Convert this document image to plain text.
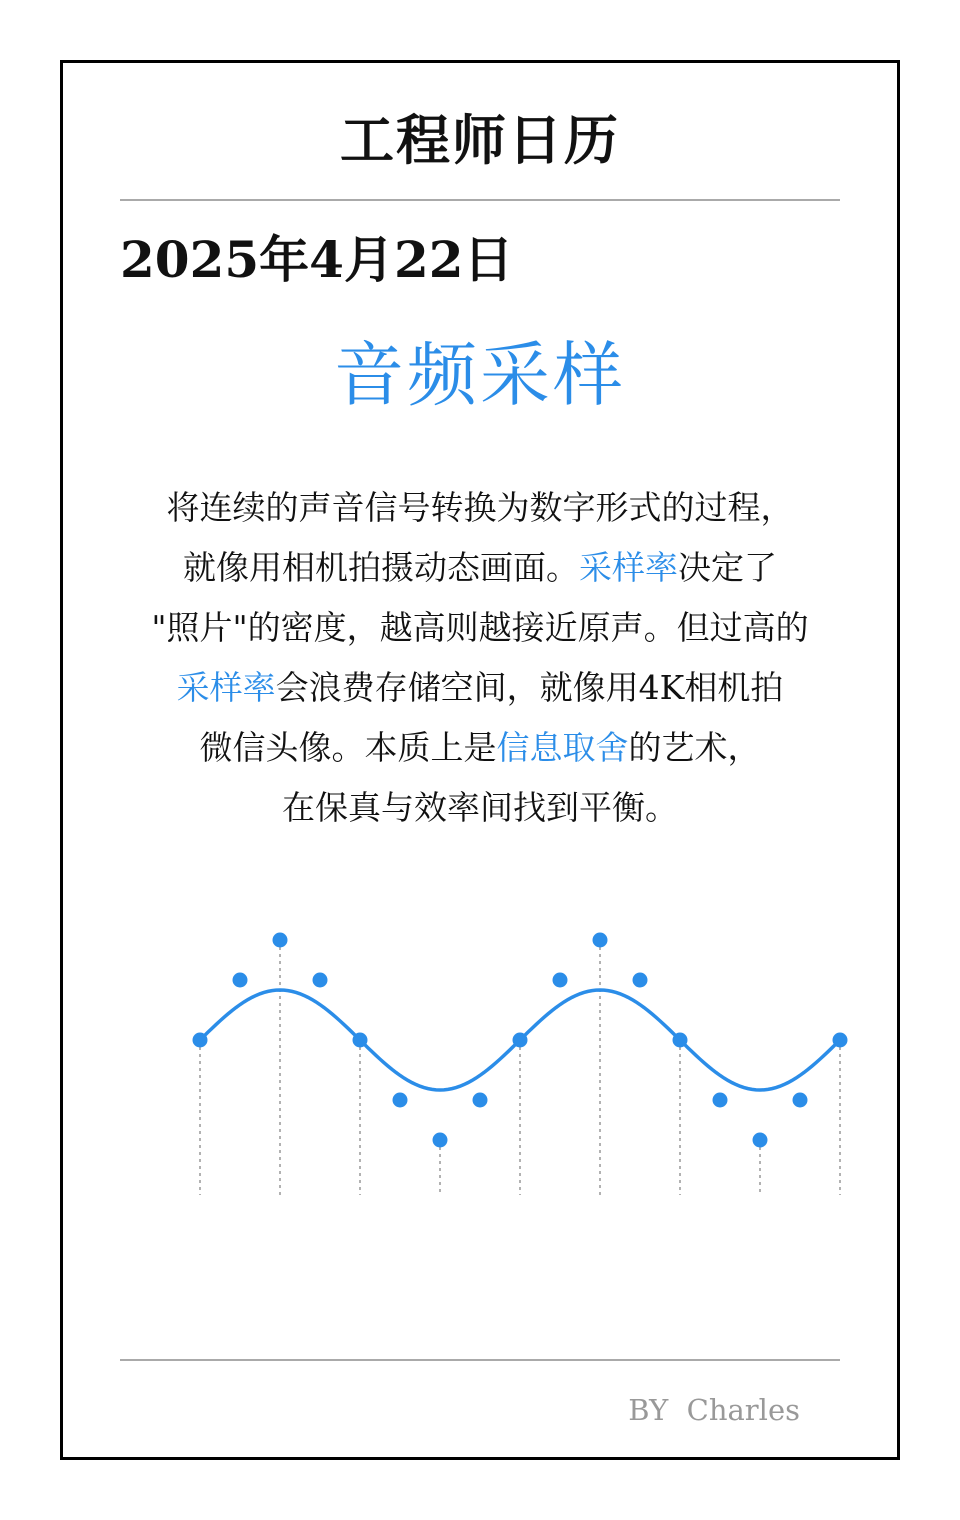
工程师日历
2025年4月22日
音频采样
将连续的声音信号转换为数字形式的过程，
就像用相机拍摄动态画面。采样率决定了
"照片"的密度，越高则越接近原声。但过高的
采样率会浪费存储空间，就像用4K相机拍
微信头像。本质上是信息取舍的艺术，
在保真与效率间找到平衡。
BY  Charles
